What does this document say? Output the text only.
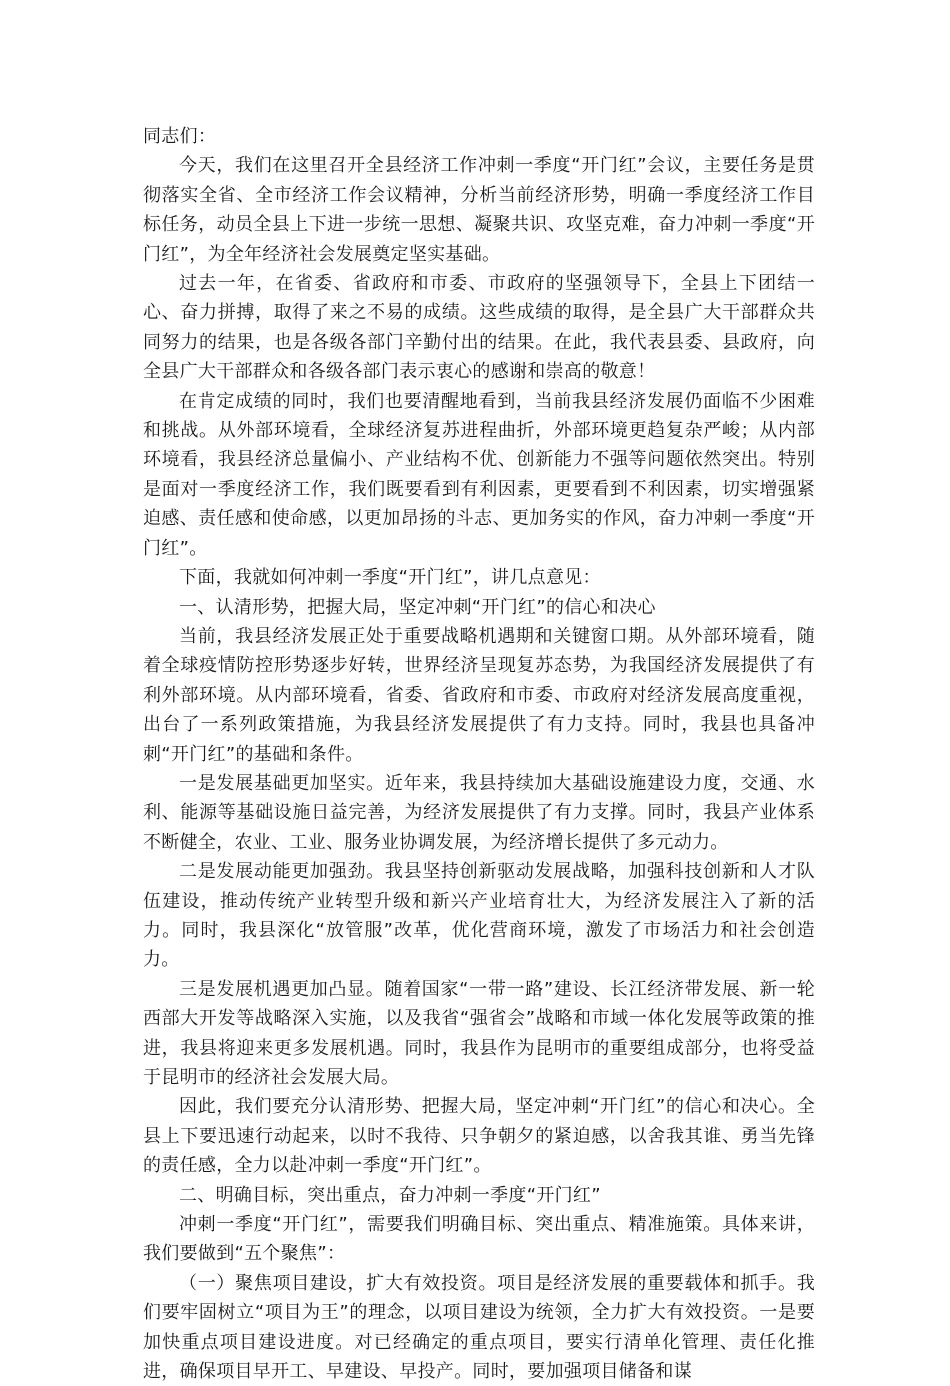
同志们：

今天，我们在这里召开全县经济工作冲刺一季度“开门红”会议，主要任务是贯彻落实全省、全市经济工作会议精神，分析当前经济形势，明确一季度经济工作目标任务，动员全县上下进一步统一思想、凝聚共识、攻坚克难，奋力冲刺一季度“开门红”，为全年经济社会发展奠定坚实基础。

过去一年，在省委、省政府和市委、市政府的坚强领导下，全县上下团结一心、奋力拼搏，取得了来之不易的成绩。这些成绩的取得，是全县广大干部群众共同努力的结果，也是各级各部门辛勤付出的结果。在此，我代表县委、县政府，向全县广大干部群众和各级各部门表示衷心的感谢和崇高的敬意！

在肯定成绩的同时，我们也要清醒地看到，当前我县经济发展仍面临不少困难和挑战。从外部环境看，全球经济复苏进程曲折，外部环境更趋复杂严峻；从内部环境看，我县经济总量偏小、产业结构不优、创新能力不强等问题依然突出。特别是面对一季度经济工作，我们既要看到有利因素，更要看到不利因素，切实增强紧迫感、责任感和使命感，以更加昂扬的斗志、更加务实的作风，奋力冲刺一季度“开门红”。

下面，我就如何冲刺一季度“开门红”，讲几点意见：

一、认清形势，把握大局，坚定冲刺“开门红”的信心和决心

当前，我县经济发展正处于重要战略机遇期和关键窗口期。从外部环境看，随着全球疫情防控形势逐步好转，世界经济呈现复苏态势，为我国经济发展提供了有利外部环境。从内部环境看，省委、省政府和市委、市政府对经济发展高度重视，出台了一系列政策措施，为我县经济发展提供了有力支持。同时，我县也具备冲刺“开门红”的基础和条件。

一是发展基础更加坚实。近年来，我县持续加大基础设施建设力度，交通、水利、能源等基础设施日益完善，为经济发展提供了有力支撑。同时，我县产业体系不断健全，农业、工业、服务业协调发展，为经济增长提供了多元动力。

二是发展动能更加强劲。我县坚持创新驱动发展战略，加强科技创新和人才队伍建设，推动传统产业转型升级和新兴产业培育壮大，为经济发展注入了新的活力。同时，我县深化“放管服”改革，优化营商环境，激发了市场活力和社会创造力。

三是发展机遇更加凸显。随着国家“一带一路”建设、长江经济带发展、新一轮西部大开发等战略深入实施，以及我省“强省会”战略和市域一体化发展等政策的推进，我县将迎来更多发展机遇。同时，我县作为昆明市的重要组成部分，也将受益于昆明市的经济社会发展大局。

因此，我们要充分认清形势、把握大局，坚定冲刺“开门红”的信心和决心。全县上下要迅速行动起来，以时不我待、只争朝夕的紧迫感，以舍我其谁、勇当先锋的责任感，全力以赴冲刺一季度“开门红”。

二、明确目标，突出重点，奋力冲刺一季度“开门红”

冲刺一季度“开门红”，需要我们明确目标、突出重点、精准施策。具体来讲，我们要做到“五个聚焦”：

（一）聚焦项目建设，扩大有效投资。项目是经济发展的重要载体和抓手。我们要牢固树立“项目为王”的理念，以项目建设为统领，全力扩大有效投资。一是要加快重点项目建设进度。对已经确定的重点项目，要实行清单化管理、责任化推进，确保项目早开工、早建设、早投产。同时，要加强项目储备和谋
